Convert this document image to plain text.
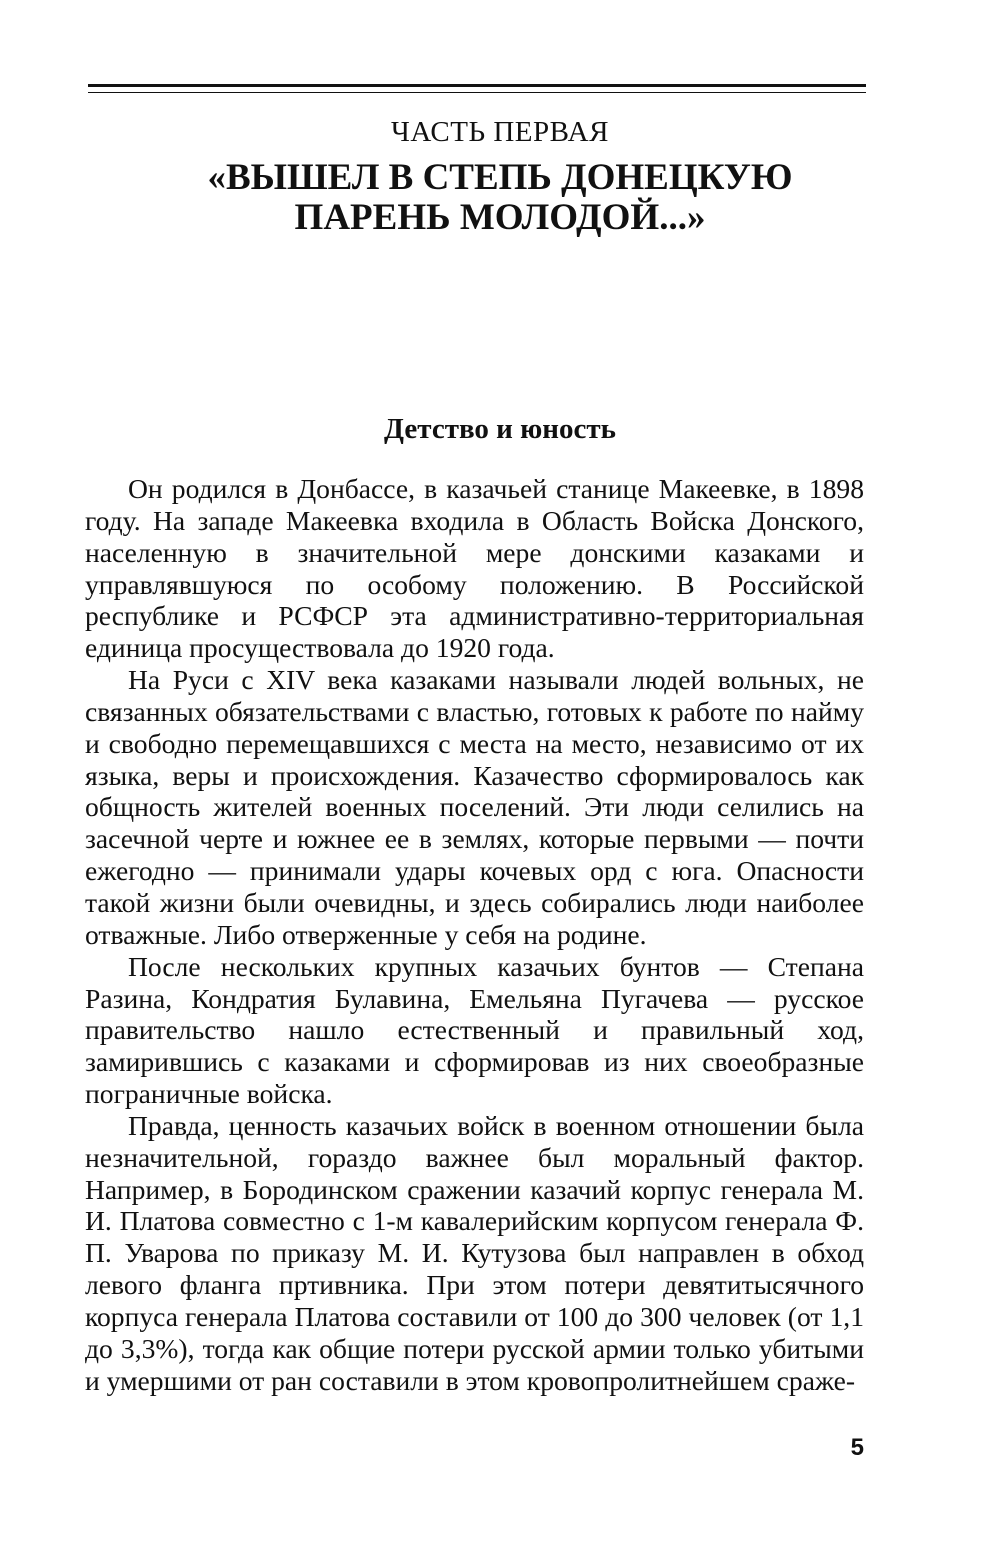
ЧАСТЬ ПЕРВАЯ
«ВЫШЕЛ В СТЕПЬ ДОНЕЦКУЮ
ПАРЕНЬ МОЛОДОЙ...»
Детство и юность

Он родился в Донбассе, в казачьей станице Макеевке, в 1898 году. На западе Макеевка входила в Область Войска Донского, населенную в значительной мере донскими казаками и управлявшуюся по особому положению. В Российской республике и РСФСР эта административно-территориальная единица просуществовала до 1920 года.

На Руси с XIV века казаками называли людей вольных, не связанных обязательствами с властью, готовых к работе по найму и свободно перемещавшихся с места на место, независимо от их языка, веры и происхождения. Казачество сформировалось как общность жителей военных поселений. Эти люди селились на засечной черте и южнее ее в землях, которые первыми — почти ежегодно — принимали удары кочевых орд с юга. Опасности такой жизни были очевидны, и здесь собирались люди наиболее отважные. Либо отверженные у себя на родине.

После нескольких крупных казачьих бунтов — Степана Разина, Кондратия Булавина, Емельяна Пугачева — русское правительство нашло естественный и правильный ход, замирившись с казаками и сформировав из них своеобразные пограничные войска.

Правда, ценность казачьих войск в военном отношении была незначительной, гораздо важнее был моральный фактор. Например, в Бородинском сражении казачий корпус генерала М. И. Платова совместно с 1-м кавалерийским корпусом генерала Ф. П. Уварова по приказу М. И. Кутузова был направлен в обход левого фланга пртивника. При этом потери девятитысячного корпуса генерала Платова составили от 100 до 300 человек (от 1,1 до 3,3%), тогда как общие потери русской армии только убитыми и умершими от ран составили в этом кровопролитнейшем сраже-

5
